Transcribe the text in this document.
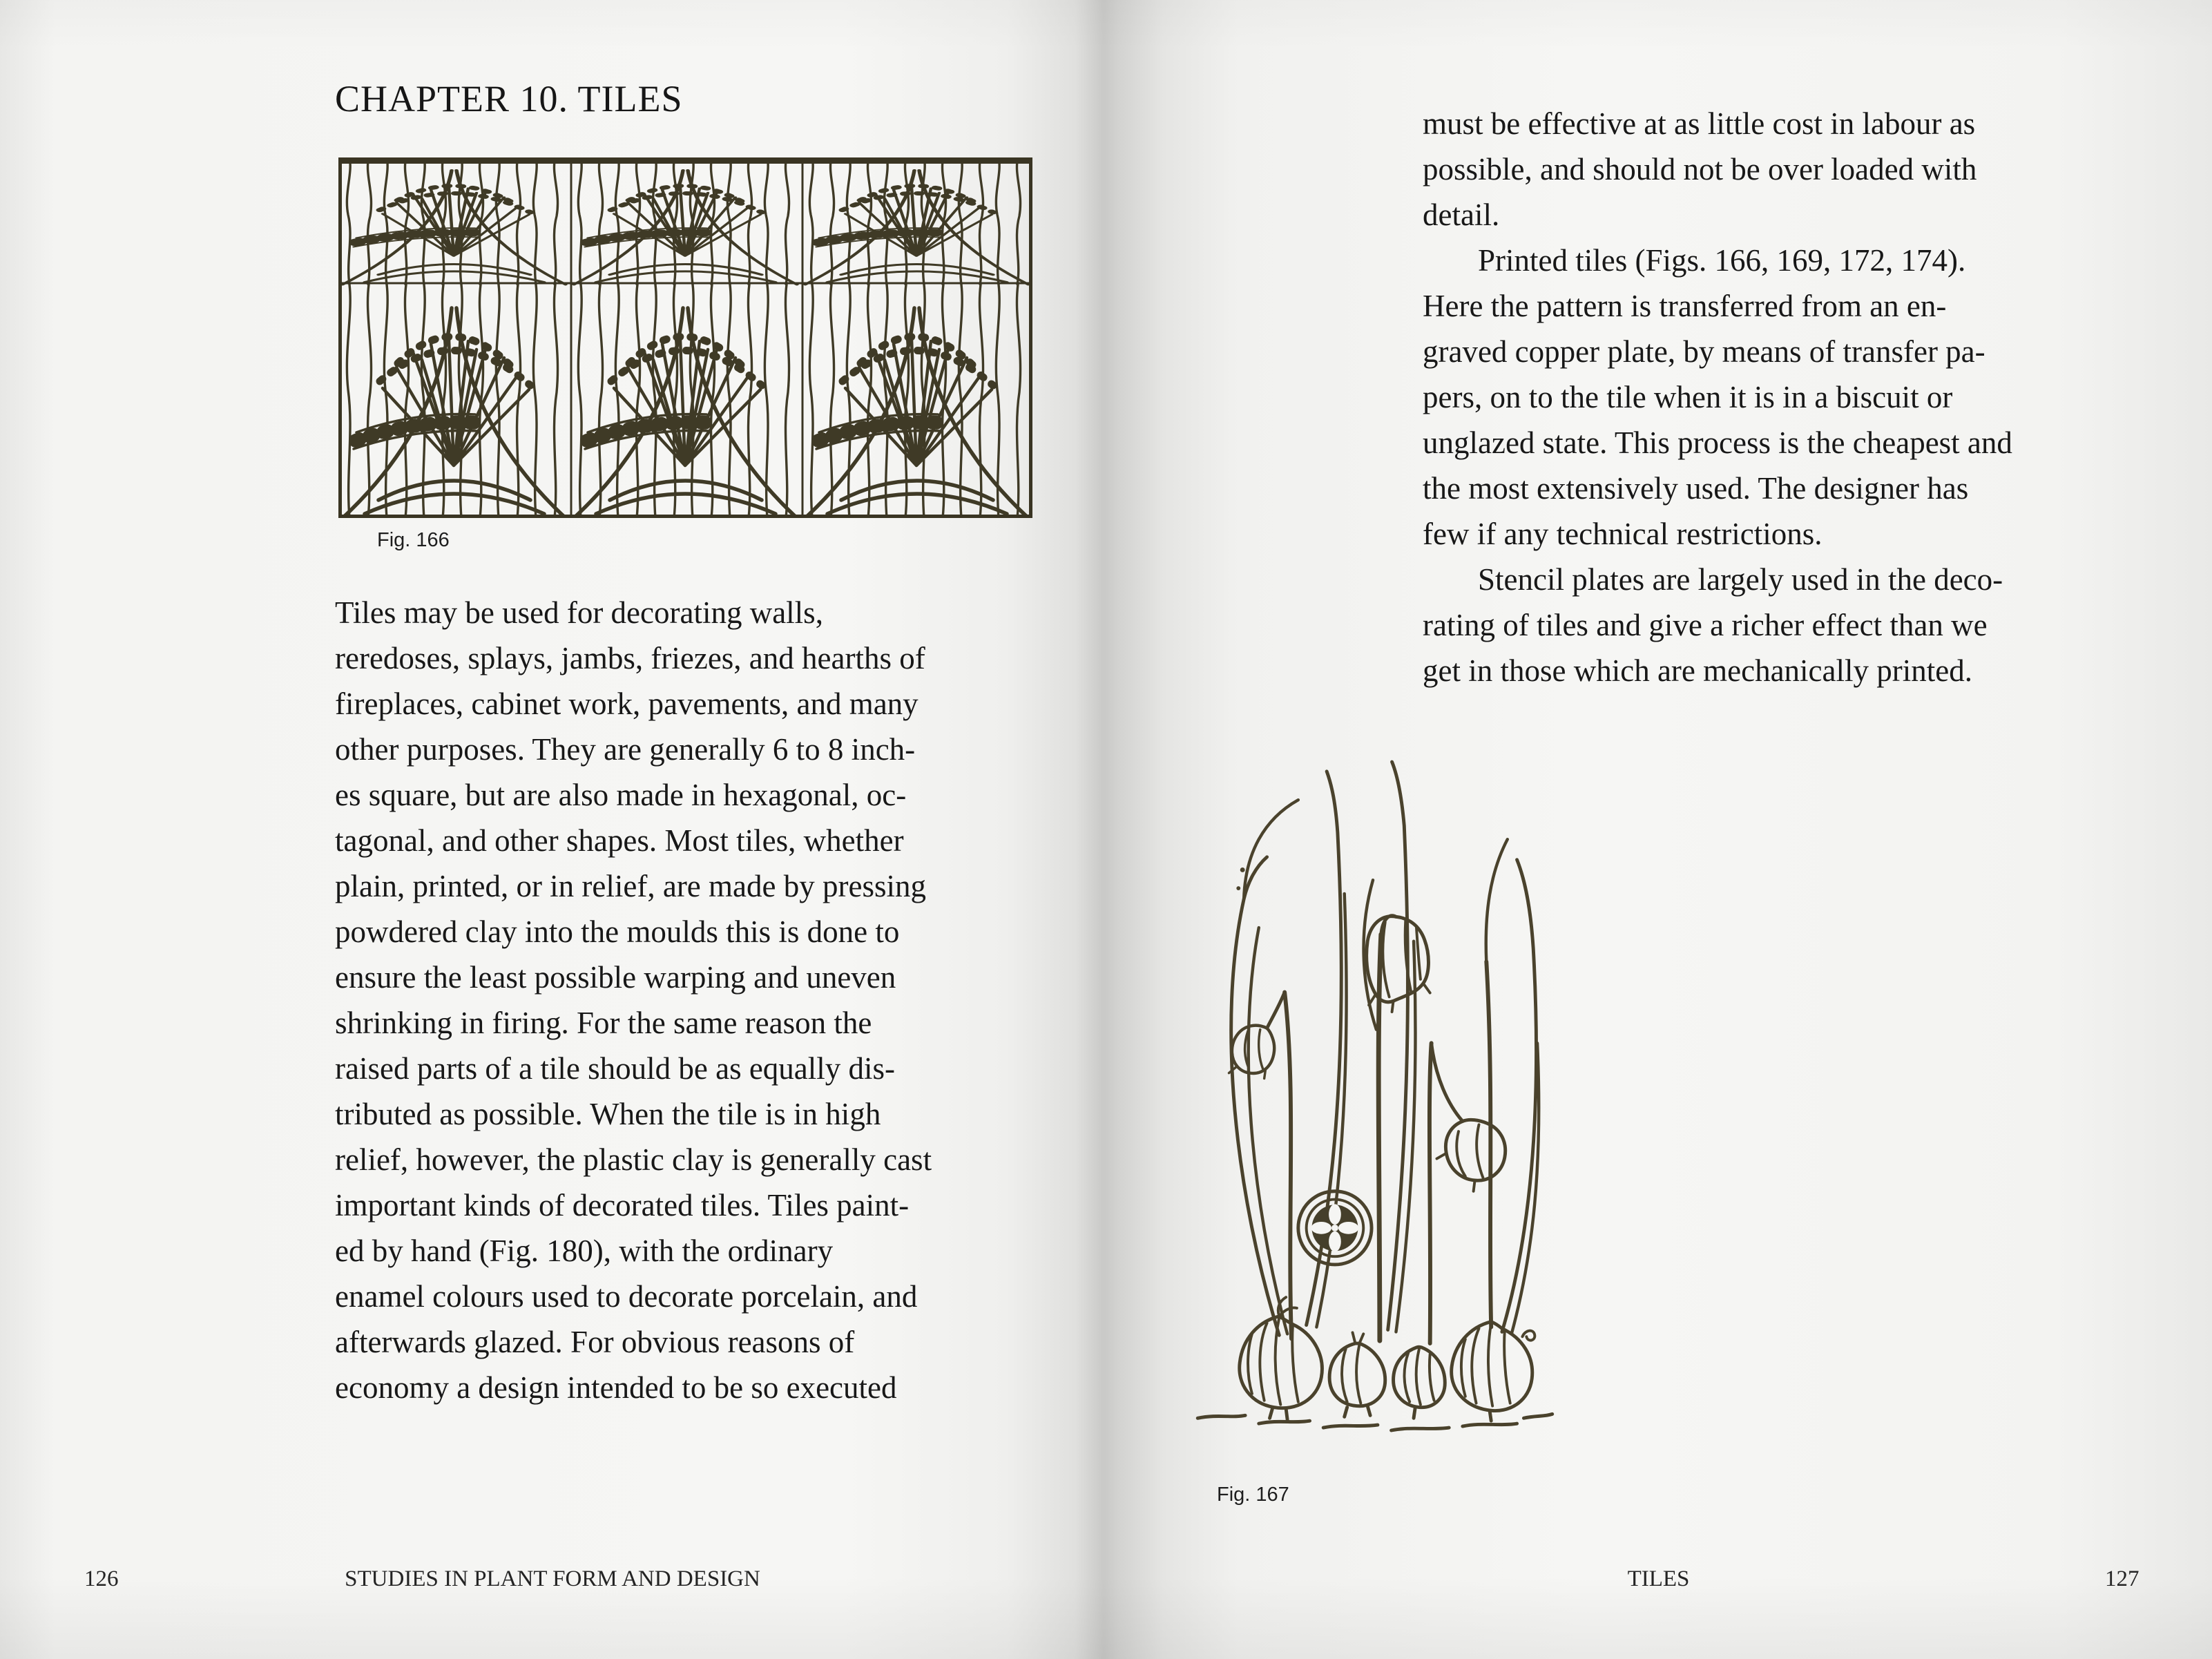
CHAPTER 10. TILES
Fig. 166
Tiles may be used for decorating walls,
reredoses, splays, jambs, friezes, and hearths of
fireplaces, cabinet work, pavements, and many
other purposes. They are generally 6 to 8 inch-
es square, but are also made in hexagonal, oc-
tagonal, and other shapes. Most tiles, whether
plain, printed, or in relief, are made by pressing
powdered clay into the moulds this is done to
ensure the least possible warping and uneven
shrinking in firing. For the same reason the
raised parts of a tile should be as equally dis-
tributed as possible. When the tile is in high
relief, however, the plastic clay is generally cast
important kinds of decorated tiles. Tiles paint-
ed by hand (Fig. 180), with the ordinary
enamel colours used to decorate porcelain, and
afterwards glazed. For obvious reasons of
economy a design intended to be so executed
126	STUDIES IN PLANT FORM AND DESIGN
must be effective at as little cost in labour as
possible, and should not be over loaded with
detail.
Printed tiles (Figs. 166, 169, 172, 174).
Here the pattern is transferred from an en-
graved copper plate, by means of transfer pa-
pers, on to the tile when it is in a biscuit or
unglazed state. This process is the cheapest and
the most extensively used. The designer has
few if any technical restrictions.
Stencil plates are largely used in the deco-
rating of tiles and give a richer effect than we
get in those which are mechanically printed.
Fig. 167
TILES	127
